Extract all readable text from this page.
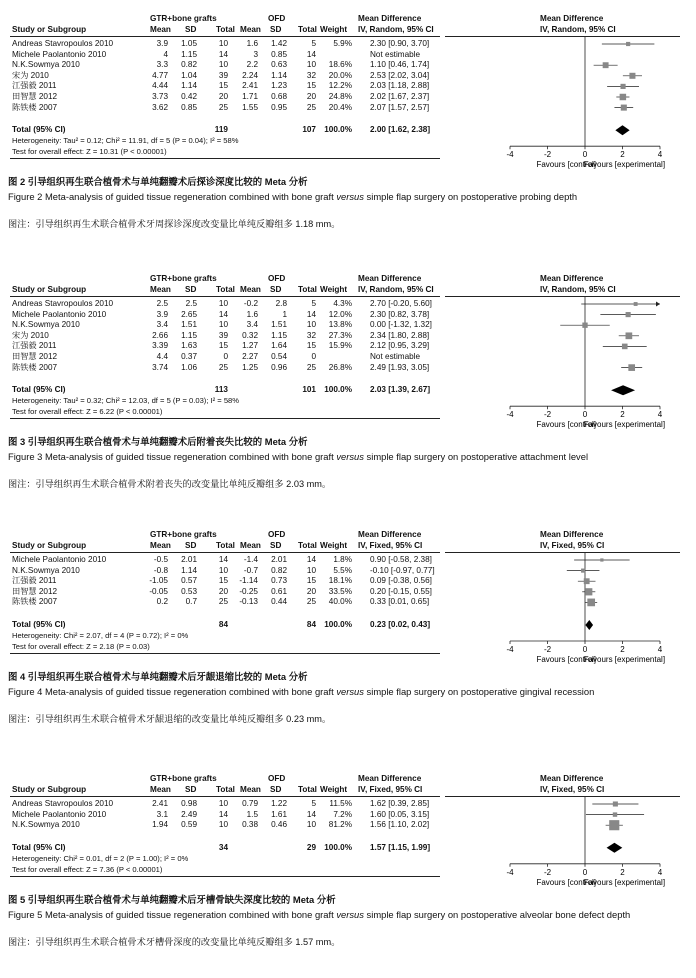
GTR+bone grafts	OFD	Mean Difference	Mean Difference
Study or Subgroup	Mean SD Total Mean SD Total Weight IV, Random, 95% CI	IV, Random, 95% CI
Andreas Stavropoulos 2010	3.9 1.05	10 1.6 1.42	5 5.9% 2.30 [0.90, 3.70]
Michele Paolantonio 2010	4 1.15	14	3 0.85 14	Not estimable
N.K.Sowmya 2010	3.3 0.82	10 2.2 0.63 10 18.6% 1.10 [0.46, 1.74]
宋为 2010	4.77 1.04	39 2.24 1.14 32 20.0% 2.53 [2.02, 3.04]
江强毅 2011	4.44 1.14	15 2.41 1.23 15 12.2% 2.03 [1.18, 2.88]
田智慧 2012	3.73 0.42	20 1.71 0.68 20 24.8% 2.02 [1.67, 2.37]
陈铁楼 2007	3.62 0.85	25 1.55 0.95 25 20.4% 2.07 [1.57, 2.57]
Total (95% CI)	119	107 100.0% 2.00 [1.62, 2.38]
Heterogeneity: Tau² = 0.12; Chi² = 11.91, df = 5 (P = 0.04); I² = 58%
Test for overall effect: Z = 10.31 (P < 0.00001)	-4	-2	0	2	4
Favours [control]
Favours [experimental]
图 2 引导组织再生联合植骨术与单纯翻瓣术后探诊深度比较的 Meta 分析
Figure 2 Meta-analysis of guided tissue regeneration combined with bone graft versus simple flap surgery on postoperative probing depth
图注：引导组织再生术联合植骨术牙周探诊深度改变量比单纯反瓣组多 1.18 mm。
GTR+bone grafts	OFD	Mean Difference	Mean Difference
Study or Subgroup	Mean SD Total Mean SD Total Weight IV, Random, 95% CI	IV, Random, 95% CI
Andreas Stavropoulos 2010	2.5 2.5	10 -0.2 2.8	5 4.3% 2.70 [-0.20, 5.60]
Michele Paolantonio 2010	3.9 2.65	14 1.6	1 14 12.0% 2.30 [0.82, 3.78]
N.K.Sowmya 2010	3.4 1.51	10 3.4 1.51 10 13.8% 0.00 [-1.32, 1.32]
宋为 2010	2.66 1.15	39 0.32 1.15 32 27.3% 2.34 [1.80, 2.88]
江强毅 2011	3.39 1.63	15 1.27 1.64 15 15.9% 2.12 [0.95, 3.29]
田智慧 2012	4.4 0.37	0 2.27 0.54	0	Not estimable
陈铁楼 2007	3.74 1.06	25 1.25 0.96 25 26.8% 2.49 [1.93, 3.05]
Total (95% CI)	113	101 100.0% 2.03 [1.39, 2.67]
Heterogeneity: Tau² = 0.32; Chi² = 12.03, df = 5 (P = 0.03); I² = 58%
Test for overall effect: Z = 6.22 (P < 0.00001)	-4	-2	0	2	4
Favours [control]
Favours [experimental]
图 3 引导组织再生联合植骨术与单纯翻瓣术后附着丧失比较的 Meta 分析
Figure 3 Meta-analysis of guided tissue regeneration combined with bone graft versus simple flap surgery on postoperative attachment level
图注：引导组织再生术联合植骨术附着丧失的改变量比单纯反瓣组多 2.03 mm。
GTR+bone grafts	OFD	Mean Difference	Mean Difference
Study or Subgroup	Mean SD Total Mean SD Total Weight IV, Fixed, 95% CI	IV, Fixed, 95% CI
Michele Paolantonio 2010	-0.5 2.01	14 -1.4 2.01 14 1.8% 0.90 [-0.58, 2.38]
N.K.Sowmya 2010	-0.8 1.14	10 -0.7 0.82 10 5.5% -0.10 [-0.97, 0.77]
江强毅 2011	-1.05 0.57	15 -1.14 0.73 15 18.1% 0.09 [-0.38, 0.56]
田智慧 2012	-0.05 0.53	20 -0.25 0.61 20 33.5% 0.20 [-0.15, 0.55]
陈铁楼 2007	0.2 0.7	25 -0.13 0.44 25 40.0% 0.33 [0.01, 0.65]
Total (95% CI)	84	84 100.0% 0.23 [0.02, 0.43]
Heterogeneity: Chi² = 2.07, df = 4 (P = 0.72); I² = 0%
Test for overall effect: Z = 2.18 (P = 0.03)	-4	-2	0	2	4
Favours [control]
Favours [experimental]
图 4 引导组织再生联合植骨术与单纯翻瓣术后牙龈退缩比较的 Meta 分析
Figure 4 Meta-analysis of guided tissue regeneration combined with bone graft versus simple flap surgery on postoperative gingival recession
图注：引导组织再生术联合植骨术牙龈退缩的改变量比单纯反瓣组多 0.23 mm。
GTR+bone grafts	OFD	Mean Difference	Mean Difference
Study or Subgroup	Mean SD Total Mean SD Total Weight IV, Fixed, 95% CI	IV, Fixed, 95% CI
Andreas Stavropoulos 2010	2.41 0.98	10 0.79 1.22	5 11.5% 1.62 [0.39, 2.85]
Michele Paolantonio 2010	3.1 2.49	14 1.5 1.61 14 7.2% 1.60 [0.05, 3.15]
N.K.Sowmya 2010	1.94 0.59	10 0.38 0.46 10 81.2% 1.56 [1.10, 2.02]
Total (95% CI)	34	29 100.0% 1.57 [1.15, 1.99]
Heterogeneity: Chi² = 0.01, df = 2 (P = 1.00); I² = 0%
Test for overall effect: Z = 7.36 (P < 0.00001)	-4	-2	0	2	4
Favours [control]
Favours [experimental]
图 5 引导组织再生联合植骨术与单纯翻瓣术后牙槽骨缺失深度比较的 Meta 分析
Figure 5 Meta-analysis of guided tissue regeneration combined with bone graft versus simple flap surgery on postoperative alveolar bone defect depth
图注：引导组织再生术联合植骨术牙槽骨深度的改变量比单纯反瓣组多 1.57 mm。
